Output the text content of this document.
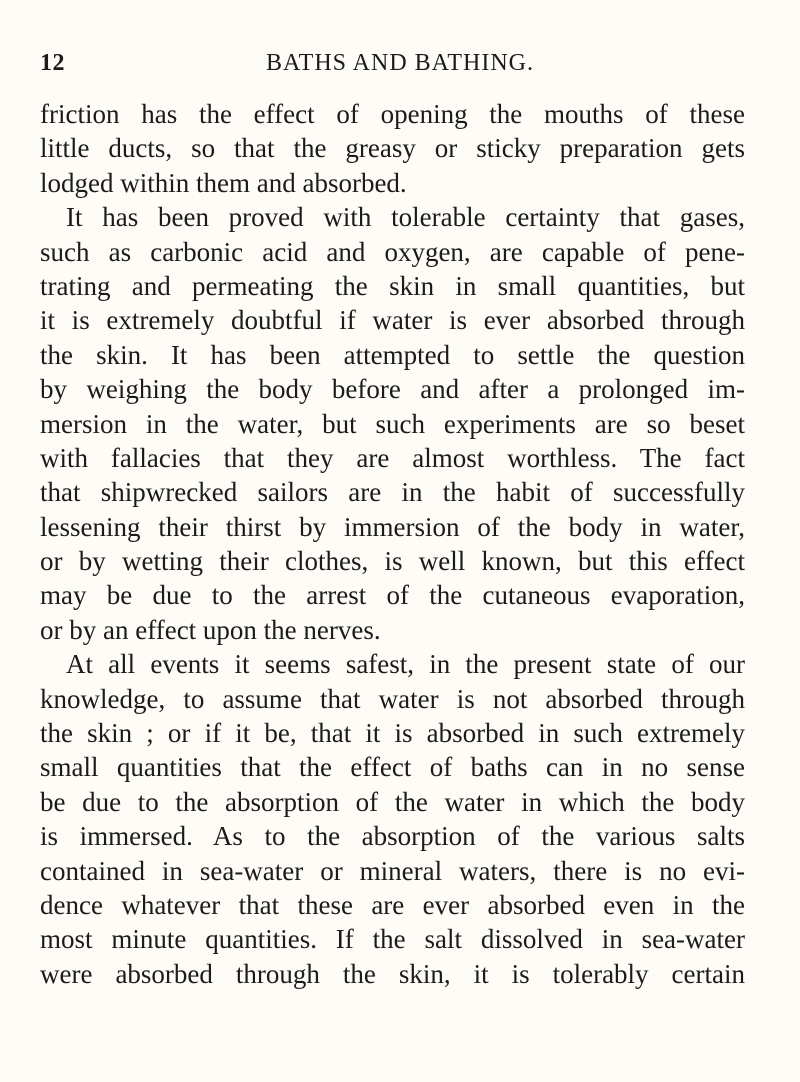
12	BATHS AND BATHING.
friction has the effect of opening the mouths of these
little ducts, so that the greasy or sticky preparation gets
lodged within them and absorbed.
It has been proved with tolerable certainty that gases,
such as carbonic acid and oxygen, are capable of pene-
trating and permeating the skin in small quantities, but
it is extremely doubtful if water is ever absorbed through
the skin. It has been attempted to settle the question
by weighing the body before and after a prolonged im-
mersion in the water, but such experiments are so beset
with fallacies that they are almost worthless. The fact
that shipwrecked sailors are in the habit of successfully
lessening their thirst by immersion of the body in water,
or by wetting their clothes, is well known, but this effect
may be due to the arrest of the cutaneous evaporation,
or by an effect upon the nerves.
At all events it seems safest, in the present state of our
knowledge, to assume that water is not absorbed through
the skin ; or if it be, that it is absorbed in such extremely
small quantities that the effect of baths can in no sense
be due to the absorption of the water in which the body
is immersed. As to the absorption of the various salts
contained in sea-water or mineral waters, there is no evi-
dence whatever that these are ever absorbed even in the
most minute quantities. If the salt dissolved in sea-water
were absorbed through the skin, it is tolerably certain
